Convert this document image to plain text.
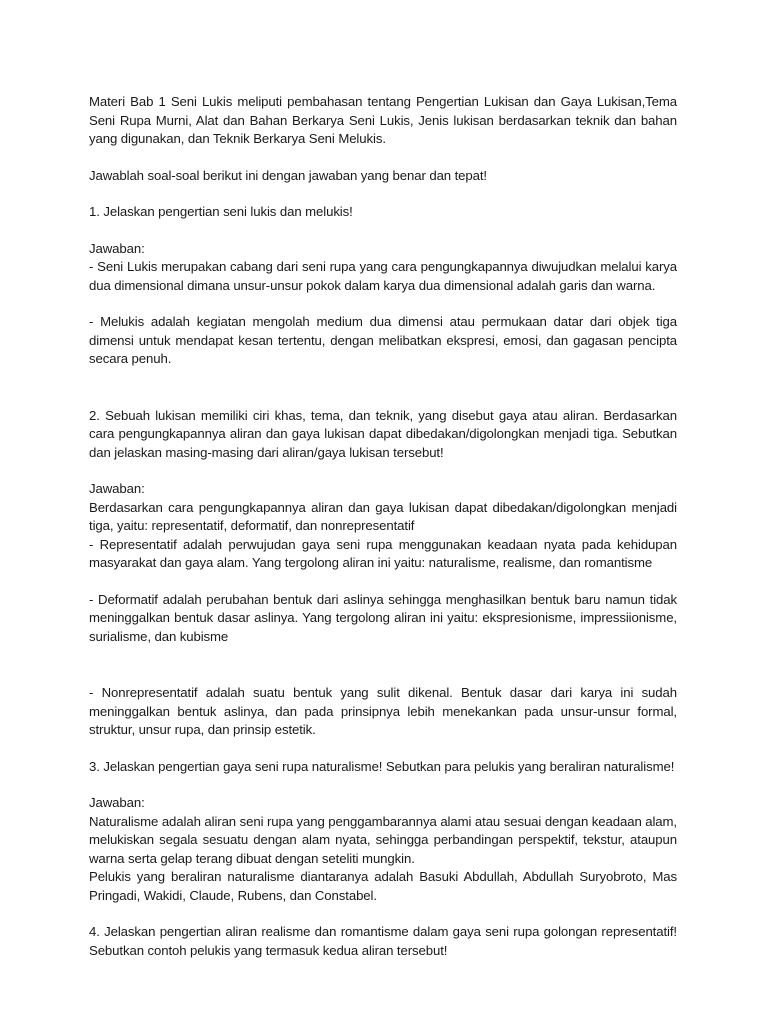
Materi Bab 1 Seni Lukis meliputi pembahasan tentang Pengertian Lukisan dan Gaya Lukisan,Tema Seni Rupa Murni, Alat dan Bahan Berkarya Seni Lukis, Jenis lukisan berdasarkan teknik dan bahan yang digunakan, dan Teknik Berkarya Seni Melukis.

Jawablah soal-soal berikut ini dengan jawaban yang benar dan tepat!

1. Jelaskan pengertian seni lukis dan melukis!

Jawaban:

- Seni Lukis merupakan cabang dari seni rupa yang cara pengungkapannya diwujudkan melalui karya dua dimensional dimana unsur-unsur pokok dalam karya dua dimensional adalah garis dan warna.

- Melukis adalah kegiatan mengolah medium dua dimensi atau permukaan datar dari objek tiga dimensi untuk mendapat kesan tertentu, dengan melibatkan ekspresi, emosi, dan gagasan pencipta secara penuh.

2. Sebuah lukisan memiliki ciri khas, tema, dan teknik, yang disebut gaya atau aliran. Berdasarkan cara pengungkapannya aliran dan gaya lukisan dapat dibedakan/digolongkan menjadi tiga. Sebutkan dan jelaskan masing-masing dari aliran/gaya lukisan tersebut!

Jawaban:

Berdasarkan cara pengungkapannya aliran dan gaya lukisan dapat dibedakan/digolongkan menjadi tiga, yaitu: representatif, deformatif, dan nonrepresentatif

- Representatif adalah perwujudan gaya seni rupa menggunakan keadaan nyata pada kehidupan masyarakat dan gaya alam. Yang tergolong aliran ini yaitu: naturalisme, realisme, dan romantisme

- Deformatif adalah perubahan bentuk dari aslinya sehingga menghasilkan bentuk baru namun tidak meninggalkan bentuk dasar aslinya. Yang tergolong aliran ini yaitu: ekspresionisme, impressiionisme, surialisme, dan kubisme

- Nonrepresentatif adalah suatu bentuk yang sulit dikenal. Bentuk dasar dari karya ini sudah meninggalkan bentuk aslinya, dan pada prinsipnya lebih menekankan pada unsur-unsur formal, struktur, unsur rupa, dan prinsip estetik.

3. Jelaskan pengertian gaya seni rupa naturalisme! Sebutkan para pelukis yang beraliran naturalisme!

Jawaban:

Naturalisme adalah aliran seni rupa yang penggambarannya alami atau sesuai dengan keadaan alam, melukiskan segala sesuatu dengan alam nyata, sehingga perbandingan perspektif, tekstur, ataupun warna serta gelap terang dibuat dengan seteliti mungkin.

Pelukis yang beraliran naturalisme diantaranya adalah Basuki Abdullah, Abdullah Suryobroto, Mas Pringadi, Wakidi, Claude, Rubens, dan Constabel.

4. Jelaskan pengertian aliran realisme dan romantisme dalam gaya seni rupa golongan representatif! Sebutkan contoh pelukis yang termasuk kedua aliran tersebut!
